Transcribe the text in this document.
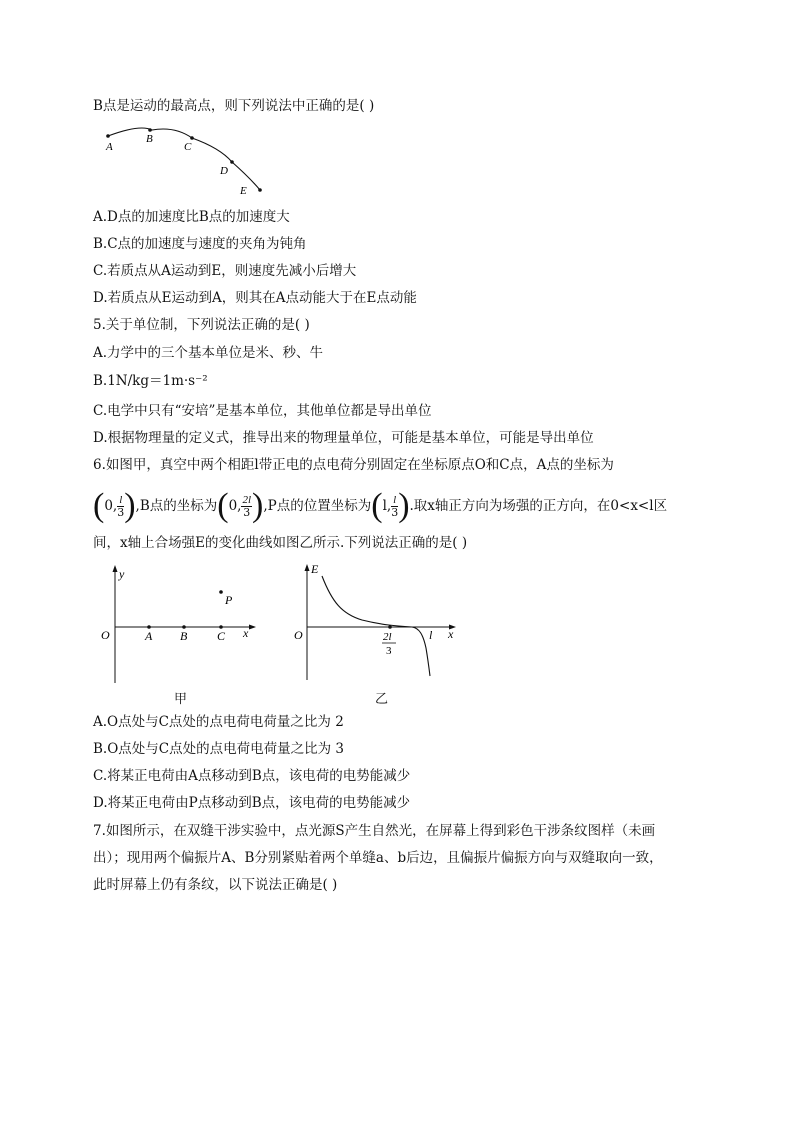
B点是运动的最高点，则下列说法中正确的是( )
A
B
C
D
E
A.D点的加速度比B点的加速度大
B.C点的加速度与速度的夹角为钝角
C.若质点从A运动到E，则速度先减小后增大
D.若质点从E运动到A，则其在A点动能大于在E点动能
5.关于单位制，下列说法正确的是( )
A.力学中的三个基本单位是米、秒、牛
B.1N/kg＝1m·s⁻²
C.电学中只有“安培”是基本单位，其他单位都是导出单位
D.根据物理量的定义式，推导出来的物理量单位，可能是基本单位，可能是导出单位
6.如图甲，真空中两个相距l带正电的点电荷分别固定在坐标原点O和C点，A点的坐标为
( 0, $\frac{l}{3}$ ) ,B点的坐标为 ( 0, $\frac{2l}{3}$ ) ,P点的位置坐标为 ( l, $\frac{l}{3}$ ) .取x轴正方向为场强的正方向，在0<x<l区
间，x轴上合场强E的变化曲线如图乙所示.下列说法正确的是( )
y
O	A B C x
P
甲
E
O	2l
3
l x
乙
A.O点处与C点处的点电荷电荷量之比为 2
B.O点处与C点处的点电荷电荷量之比为 3
C.将某正电荷由A点移动到B点，该电荷的电势能减少
D.将某正电荷由P点移动到B点，该电荷的电势能减少
7.如图所示，在双缝干涉实验中，点光源S产生自然光，在屏幕上得到彩色干涉条纹图样（未画
出）；现用两个偏振片A、B分别紧贴着两个单缝a、b后边，且偏振片偏振方向与双缝取向一致，
此时屏幕上仍有条纹，以下说法正确是( )
